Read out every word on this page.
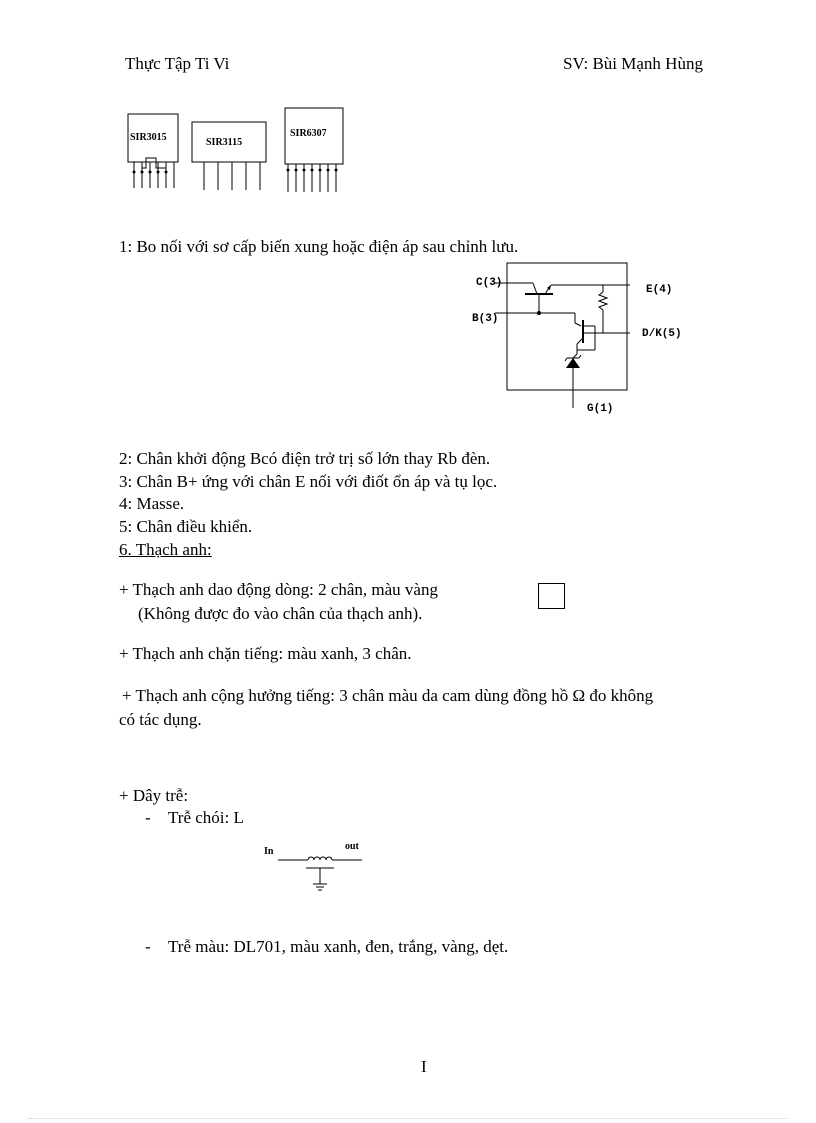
Thực Tập Ti Vi	SV: Bùi Mạnh Hùng
SIR3015	SIR3115
SIR6307
1: Bo nối với sơ cấp biến xung hoặc điện áp sau chỉnh lưu.
C(3)
B(3)
E(4)
D/K(5)
G(1)
2: Chân khởi động Bcó điện trở trị số lớn thay Rb đèn.
3: Chân B+ ứng với chân E nối với điốt ổn áp và tụ lọc.
4: Masse.
5: Chân điều khiển.
6. Thạch anh:
+ Thạch anh dao động dòng: 2 chân, màu vàng
(Không được đo vào chân của thạch anh).
+ Thạch anh chặn tiếng: màu xanh, 3 chân.
+ Thạch anh cộng hưởng tiếng: 3 chân màu da cam dùng đồng hồ Ω đo không
có tác dụng.
+ Dây trễ:
- Trễ chói: L
In	out
- Trễ màu: DL701, màu xanh, đen, trắng, vàng, dẹt.
I
